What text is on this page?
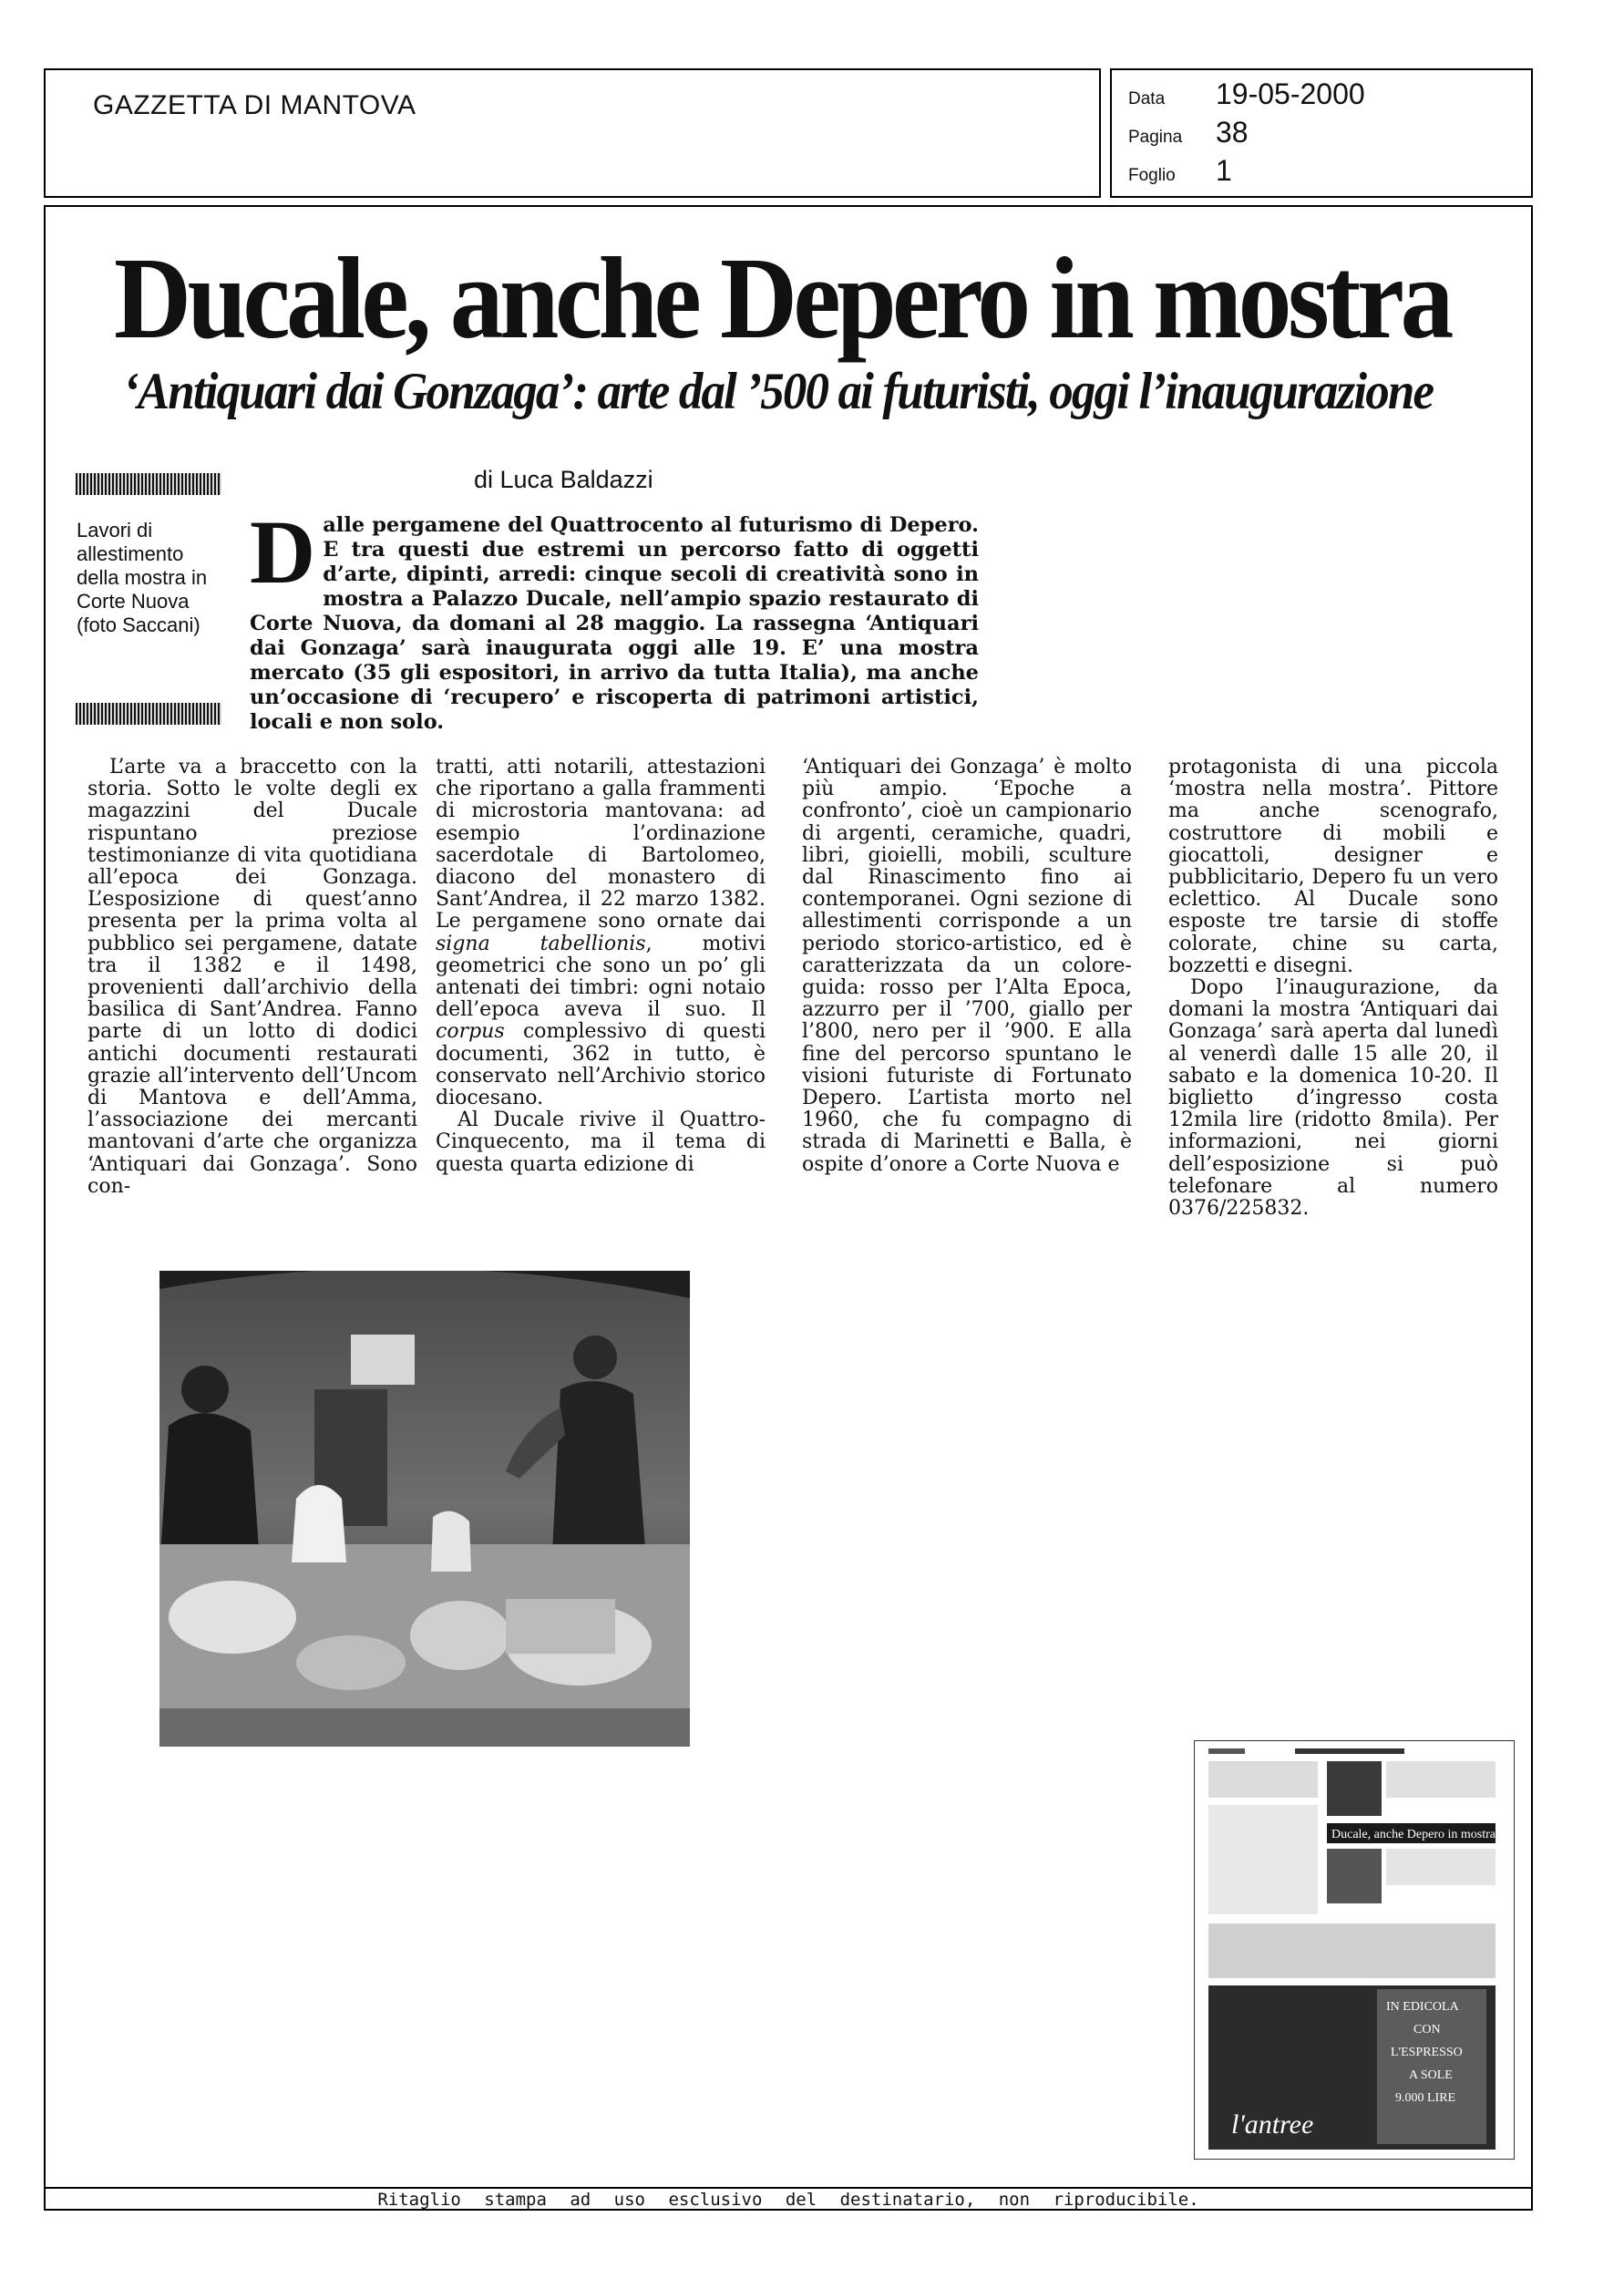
GAZZETTA DI MANTOVA	Data	19-05-2000
Pagina	38
Foglio	1
Ducale, anche Depero in mostra
‘Antiquari dai Gonzaga’: arte dal ’500 ai futuristi, oggi l’inaugurazione
Lavori di allestimento della mostra in Corte Nuova (foto Saccani)
di Luca Baldazzi
Dalle pergamene del Quattrocento al futurismo di Depero. E tra questi due estremi un percorso fatto di oggetti d’arte, dipinti, arredi: cinque secoli di creatività sono in mostra a Palazzo Ducale, nell’ampio spazio restaurato di Corte Nuova, da domani al 28 maggio. La rassegna ‘Antiquari dai Gonzaga’ sarà inaugurata oggi alle 19. E’ una mostra mercato (35 gli espositori, in arrivo da tutta Italia), ma anche un’occasione di ‘recupero’ e riscoperta di patrimoni artistici, locali e non solo.
L’arte va a braccetto con la storia. Sotto le volte degli ex magazzini del Ducale rispuntano preziose testimonianze di vita quotidiana all’epoca dei Gonzaga. L’esposizione di quest’anno presenta per la prima volta al pubblico sei pergamene, datate tra il 1382 e il 1498, provenienti dall’archivio della basilica di Sant’Andrea. Fanno parte di un lotto di dodici antichi documenti restaurati grazie all’intervento dell’Uncom di Mantova e dell’Amma, l’associazione dei mercanti mantovani d’arte che organizza ‘Antiquari dai Gonzaga’. Sono con-
tratti, atti notarili, attestazioni che riportano a galla frammenti di microstoria mantovana: ad esempio l’ordinazione sacerdotale di Bartolomeo, diacono del monastero di Sant’Andrea, il 22 marzo 1382. Le pergamene sono ornate dai signa tabellionis, motivi geometrici che sono un po’ gli antenati dei timbri: ogni notaio dell’epoca aveva il suo. Il corpus complessivo di questi documenti, 362 in tutto, è conservato nell’Archivio storico diocesano.
Al Ducale rivive il Quattro-Cinquecento, ma il tema di questa quarta edizione di
‘Antiquari dei Gonzaga’ è molto più ampio. ‘Epoche a confronto’, cioè un campionario di argenti, ceramiche, quadri, libri, gioielli, mobili, sculture dal Rinascimento fino ai contemporanei. Ogni sezione di allestimenti corrisponde a un periodo storico-artistico, ed è caratterizzata da un colore-guida: rosso per l’Alta Epoca, azzurro per il ’700, giallo per l’800, nero per il ’900. E alla fine del percorso spuntano le visioni futuriste di Fortunato Depero. L’artista morto nel 1960, che fu compagno di strada di Marinetti e Balla, è ospite d’onore a Corte Nuova e
protagonista di una piccola ‘mostra nella mostra’. Pittore ma anche scenografo, costruttore di mobili e giocattoli, designer e pubblicitario, Depero fu un vero eclettico. Al Ducale sono esposte tre tarsie di stoffe colorate, chine su carta, bozzetti e disegni.
Dopo l’inaugurazione, da domani la mostra ‘Antiquari dai Gonzaga’ sarà aperta dal lunedì al venerdì dalle 15 alle 20, il sabato e la domenica 10-20. Il biglietto d’ingresso costa 12mila lire (ridotto 8mila). Per informazioni, nei giorni dell’esposizione si può telefonare al numero 0376/225832.
Ducale, anche Depero in mostra
IN EDICOLA
CON
L'ESPRESSO
A SOLE
9.000 LIRE
l'antree
Ritaglio stampa ad uso esclusivo del destinatario, non riproducibile.
